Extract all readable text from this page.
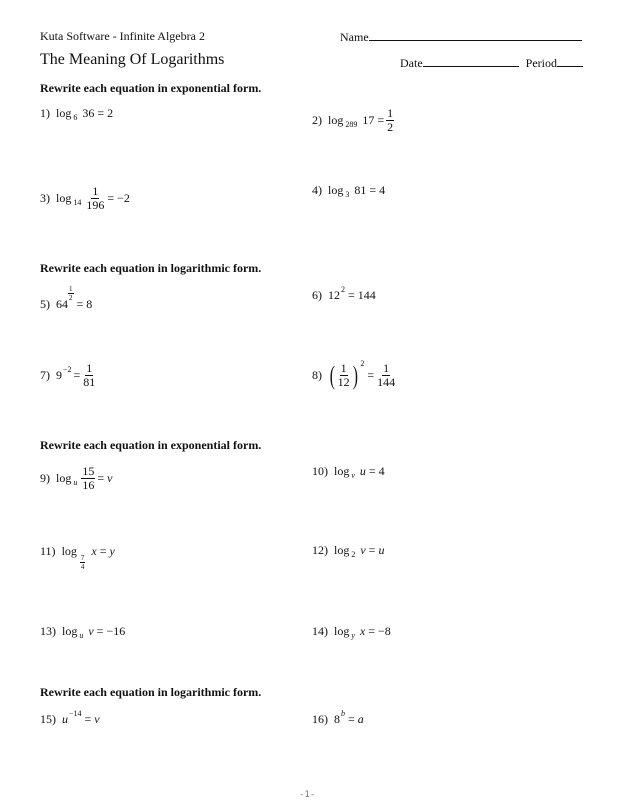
Kuta Software - Infinite Algebra 2	Name
The Meaning Of Logarithms	Date	Period
Rewrite each equation in exponential form.
1) log 6 36
= 2	2) log 289 17
= $\frac{1}{2}$
3) $\log 14 \frac{1}{196} = -2$
4) log 3 81
= 4
Rewrite each equation in logarithmic form.
5) 64
$\frac{1}{2}$
= 8
6) 12 2
= 144
7) $9 -2 = \frac{1}{81}$	8) ( $\frac{1}{12}$ ) 2
= $\frac{1}{144}$
Rewrite each equation in exponential form.
9) log u $\frac{15}{16}$ =
v	10) log v u
= 4
11) log
$\frac{7}{4}$
x
=
y	12) log 2 v
=
u
13) log u v
= −16	14) log y x
= −8
Rewrite each equation in logarithmic form.
15) u −14
=
v	16) 8 b
=
a
-1-
